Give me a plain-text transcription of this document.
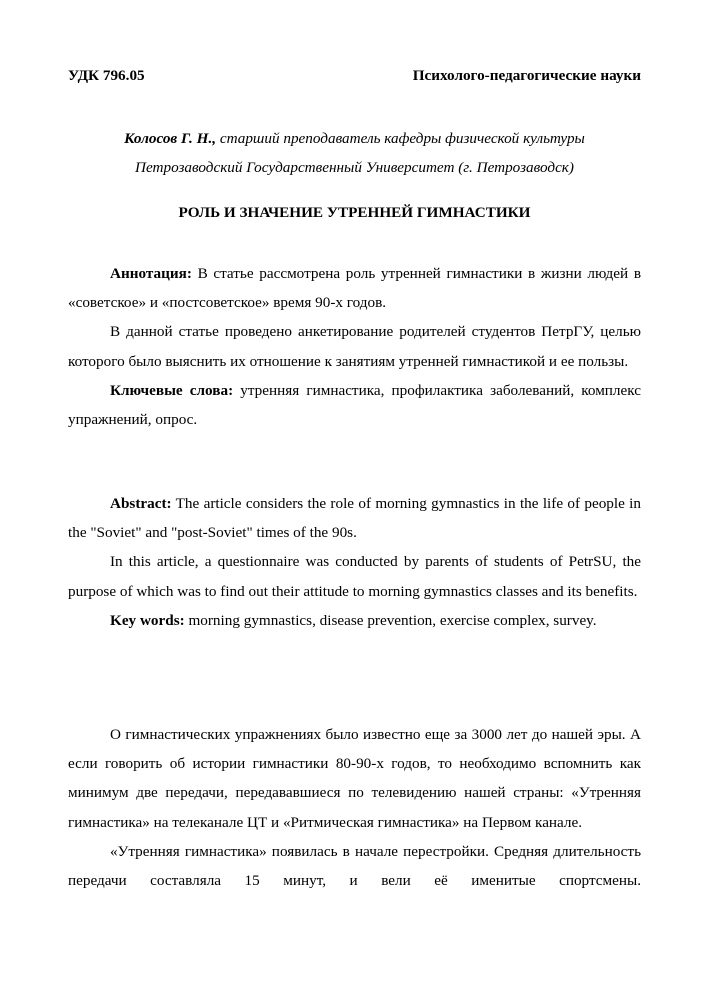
УДК 796.05	Психолого-педагогические науки
Колосов Г. Н., старший преподаватель кафедры физической культуры
Петрозаводский Государственный Университет (г. Петрозаводск)
РОЛЬ И ЗНАЧЕНИЕ УТРЕННЕЙ ГИМНАСТИКИ

Аннотация: В статье рассмотрена роль утренней гимнастики в жизни людей в «советское» и «постсоветское» время 90-х годов.

В данной статье проведено анкетирование родителей студентов ПетрГУ, целью которого было выяснить их отношение к занятиям утренней гимнастикой и ее пользы.

Ключевые слова: утренняя гимнастика, профилактика заболеваний, комплекс упражнений, опрос.

Abstract: The article considers the role of morning gymnastics in the life of people in the "Soviet" and "post-Soviet" times of the 90s.

In this article, a questionnaire was conducted by parents of students of PetrSU, the purpose of which was to find out their attitude to morning gymnastics classes and its benefits.

Key words: morning gymnastics, disease prevention, exercise complex, survey.

О гимнастических упражнениях было известно еще за 3000 лет до нашей эры. А если говорить об истории гимнастики 80-90-х годов, то необходимо вспомнить как минимум две передачи, передававшиеся по телевидению нашей страны: «Утренняя гимнастика» на телеканале ЦТ и «Ритмическая гимнастика» на Первом канале.

«Утренняя гимнастика» появилась в начале перестройки. Средняя длительность передачи составляла 15 минут, и вели её именитые спортсмены.
